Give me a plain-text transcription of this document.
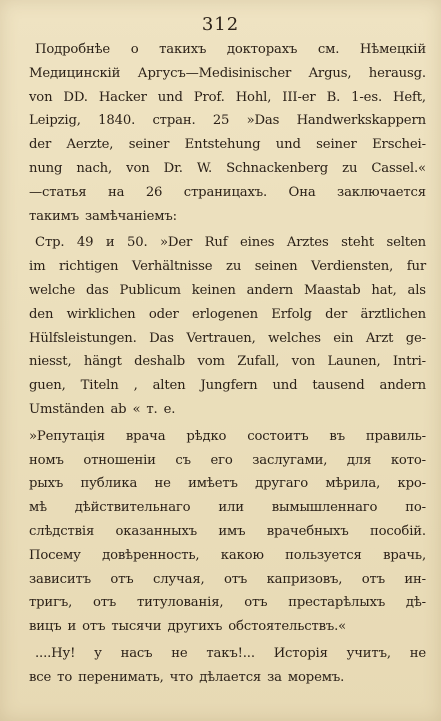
312
Подробнѣе о такихъ докторахъ см. Нѣмецкій
Медицинскій Аргусъ—Medisinischer Argus, herausg.
von DD. Hacker und Prof. Hohl, III-er B. 1-es. Heft,
Leipzig, 1840. стран. 25 »Das Handwerkskappern
der Aerzte, seiner Entstehung und seiner Erschei-
nung nach, von Dr. W. Schnackenberg zu Cassel.«
—статья на 26 страницахъ. Она заключается
такимъ замѣчаніемъ:
Стр. 49 и 50. »Der Ruf eines Arztes steht selten
im richtigen Verhältnisse zu seinen Verdiensten, fur
welche das Publicum keinen andern Maastab hat, als
den wirklichen oder erlogenen Erfolg der ärztlichen
Hülfsleistungen. Das Vertrauen, welches ein Arzt ge-
niesst, hängt deshalb vom Zufall, von Launen, Intri-
guen, Titeln , alten Jungfern und tausend andern
Umständen ab « т. е.
»Репутація врача рѣдко состоитъ въ правиль-
номъ отношеніи съ его заслугами, для кото-
рыхъ публика не имѣетъ другаго мѣрила, кро-
мѣ дѣйствительнаго или вымышленнаго по-
слѣдствія оказанныхъ имъ врачебныхъ пособій.
Посему довѣренность, какою пользуется врачь,
зависитъ отъ случая, отъ капризовъ, отъ ин-
тригъ, отъ титулованія, отъ престарѣлыхъ дѣ-
вицъ и отъ тысячи другихъ обстоятельствъ.«
....Ну! у насъ не такъ!... Исторія учитъ, не
все то перенимать, что дѣлается за моремъ.
